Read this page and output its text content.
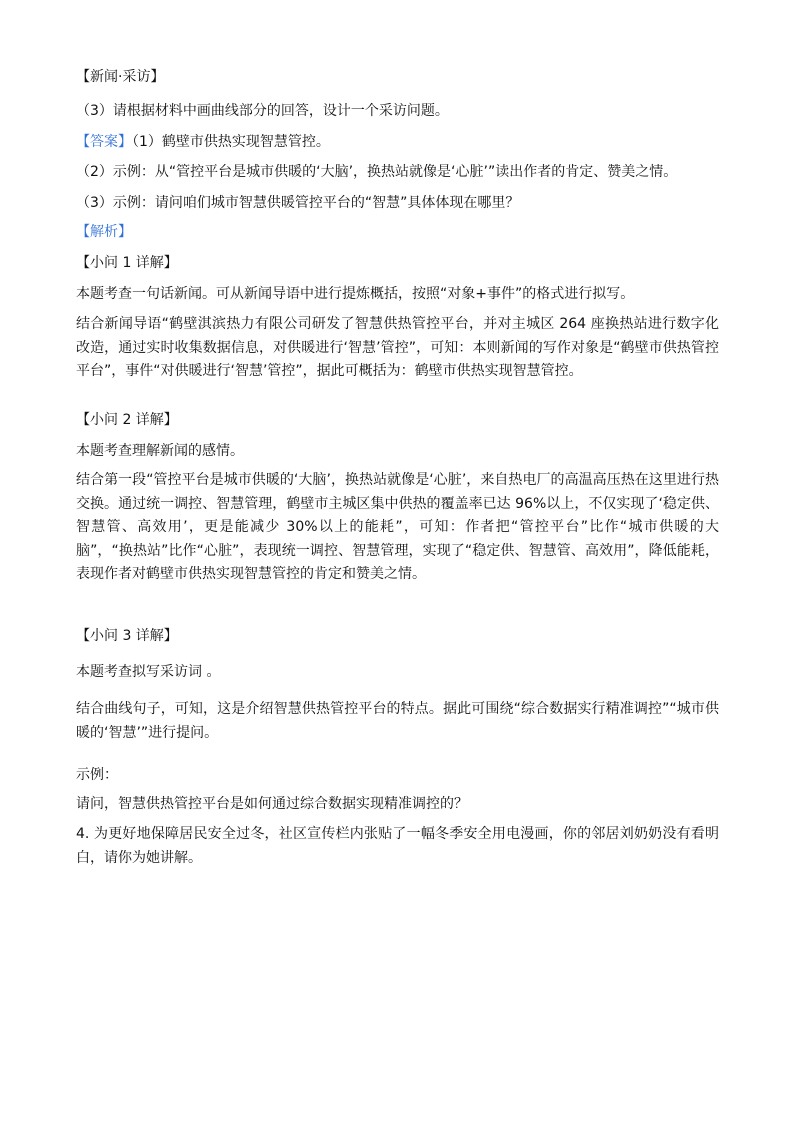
【新闻·采访】
（3）请根据材料中画曲线部分的回答，设计一个采访问题。
【答案】（1）鹤壁市供热实现智慧管控。
（2）示例：从“管控平台是城市供暖的‘大脑’，换热站就像是‘心脏’”读出作者的肯定、赞美之情。
（3）示例：请问咱们城市智慧供暖管控平台的“智慧”具体体现在哪里？
【解析】
【小问 1 详解】
本题考查一句话新闻。可从新闻导语中进行提炼概括，按照“对象+事件”的格式进行拟写。
结合新闻导语“鹤壁淇滨热力有限公司研发了智慧供热管控平台，并对主城区 264 座换热站进行数字化改造，通过实时收集数据信息，对供暖进行‘智慧’管控”，可知：本则新闻的写作对象是“鹤壁市供热管控平台”，事件“对供暖进行‘智慧’管控”，据此可概括为：鹤壁市供热实现智慧管控。
【小问 2 详解】
本题考查理解新闻的感情。
结合第一段“管控平台是城市供暖的‘大脑’，换热站就像是‘心脏’，来自热电厂的高温高压热在这里进行热交换。通过统一调控、智慧管理，鹤壁市主城区集中供热的覆盖率已达 96%以上，不仅实现了‘稳定供、智慧管、高效用’，更是能减少 30%以上的能耗”，可知：作者把“管控平台”比作“城市供暖的大脑”，“换热站”比作“心脏”，表现统一调控、智慧管理，实现了“稳定供、智慧管、高效用”，降低能耗，表现作者对鹤壁市供热实现智慧管控的肯定和赞美之情。
【小问 3 详解】
本题考查拟写采访词 。
结合曲线句子，可知，这是介绍智慧供热管控平台的特点。据此可围绕“综合数据实行精准调控”“城市供暖的‘智慧’”进行提问。
示例：
请问，智慧供热管控平台是如何通过综合数据实现精准调控的？
4. 为更好地保障居民安全过冬，社区宣传栏内张贴了一幅冬季安全用电漫画，你的邻居刘奶奶没有看明白，请你为她讲解。
